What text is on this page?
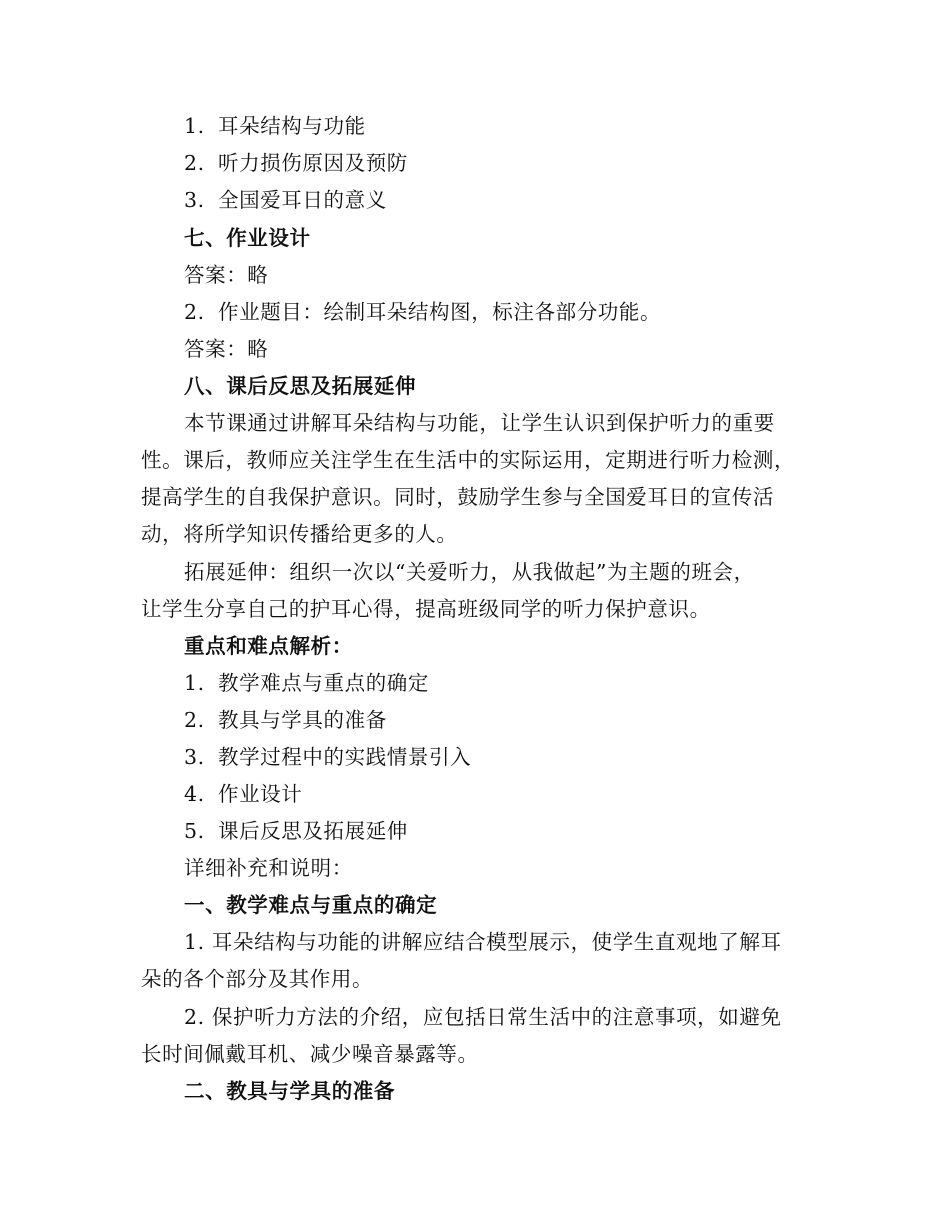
1. 耳朵结构与功能
2. 听力损伤原因及预防
3. 全国爱耳日的意义
七、作业设计
答案：略
2. 作业题目：绘制耳朵结构图，标注各部分功能。
答案：略
八、课后反思及拓展延伸
本节课通过讲解耳朵结构与功能，让学生认识到保护听力的重要
性。课后，教师应关注学生在生活中的实际运用，定期进行听力检测，
提高学生的自我保护意识。同时，鼓励学生参与全国爱耳日的宣传活
动，将所学知识传播给更多的人。
拓展延伸：组织一次以“关爱听力，从我做起”为主题的班会，
让学生分享自己的护耳心得，提高班级同学的听力保护意识。
重点和难点解析：
1. 教学难点与重点的确定
2. 教具与学具的准备
3. 教学过程中的实践情景引入
4. 作业设计
5. 课后反思及拓展延伸
详细补充和说明：
一、教学难点与重点的确定
1. 耳朵结构与功能的讲解应结合模型展示，使学生直观地了解耳
朵的各个部分及其作用。
2. 保护听力方法的介绍，应包括日常生活中的注意事项，如避免
长时间佩戴耳机、减少噪音暴露等。
二、教具与学具的准备
